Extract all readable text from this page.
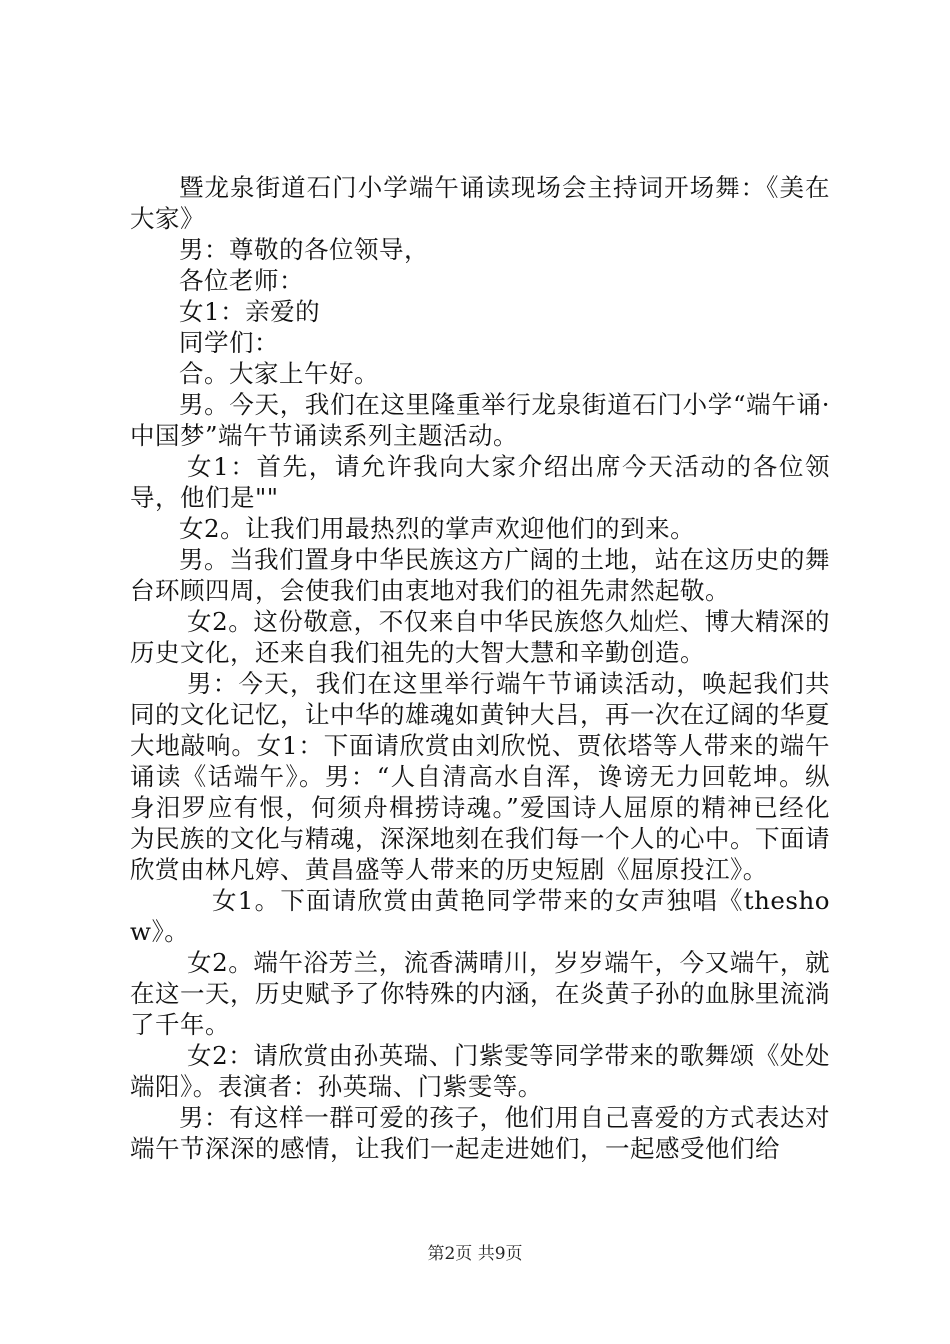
暨龙泉街道石门小学端午诵读现场会主持词开场舞：《美在大家》

男：尊敬的各位领导，

各位老师：

女1：亲爱的

同学们：

合。大家上午好。

男。今天，我们在这里隆重举行龙泉街道石门小学“端午诵·中国梦”端午节诵读系列主题活动。

女1：首先，请允许我向大家介绍出席今天活动的各位领导，他们是""

女2。让我们用最热烈的掌声欢迎他们的到来。

男。当我们置身中华民族这方广阔的土地，站在这历史的舞台环顾四周，会使我们由衷地对我们的祖先肃然起敬。

女2。这份敬意，不仅来自中华民族悠久灿烂、博大精深的历史文化，还来自我们祖先的大智大慧和辛勤创造。

男：今天，我们在这里举行端午节诵读活动，唤起我们共同的文化记忆，让中华的雄魂如黄钟大吕，再一次在辽阔的华夏大地敲响。女1：下面请欣赏由刘欣悦、贾依塔等人带来的端午诵读《话端午》。男：“人自清高水自浑，谗谤无力回乾坤。纵身汨罗应有恨，何须舟楫捞诗魂。”爱国诗人屈原的精神已经化为民族的文化与精魂，深深地刻在我们每一个人的心中。下面请欣赏由林凡婷、黄昌盛等人带来的历史短剧《屈原投江》。

女1。下面请欣赏由黄艳同学带来的女声独唱《theshow》。

女2。端午浴芳兰，流香满晴川，岁岁端午，今又端午，就在这一天，历史赋予了你特殊的内涵，在炎黄子孙的血脉里流淌了千年。

女2：请欣赏由孙英瑞、门紫雯等同学带来的歌舞颂《处处端阳》。表演者：孙英瑞、门紫雯等。

男：有这样一群可爱的孩子，他们用自己喜爱的方式表达对端午节深深的感情，让我们一起走进她们，一起感受他们给

第2页 共9页
